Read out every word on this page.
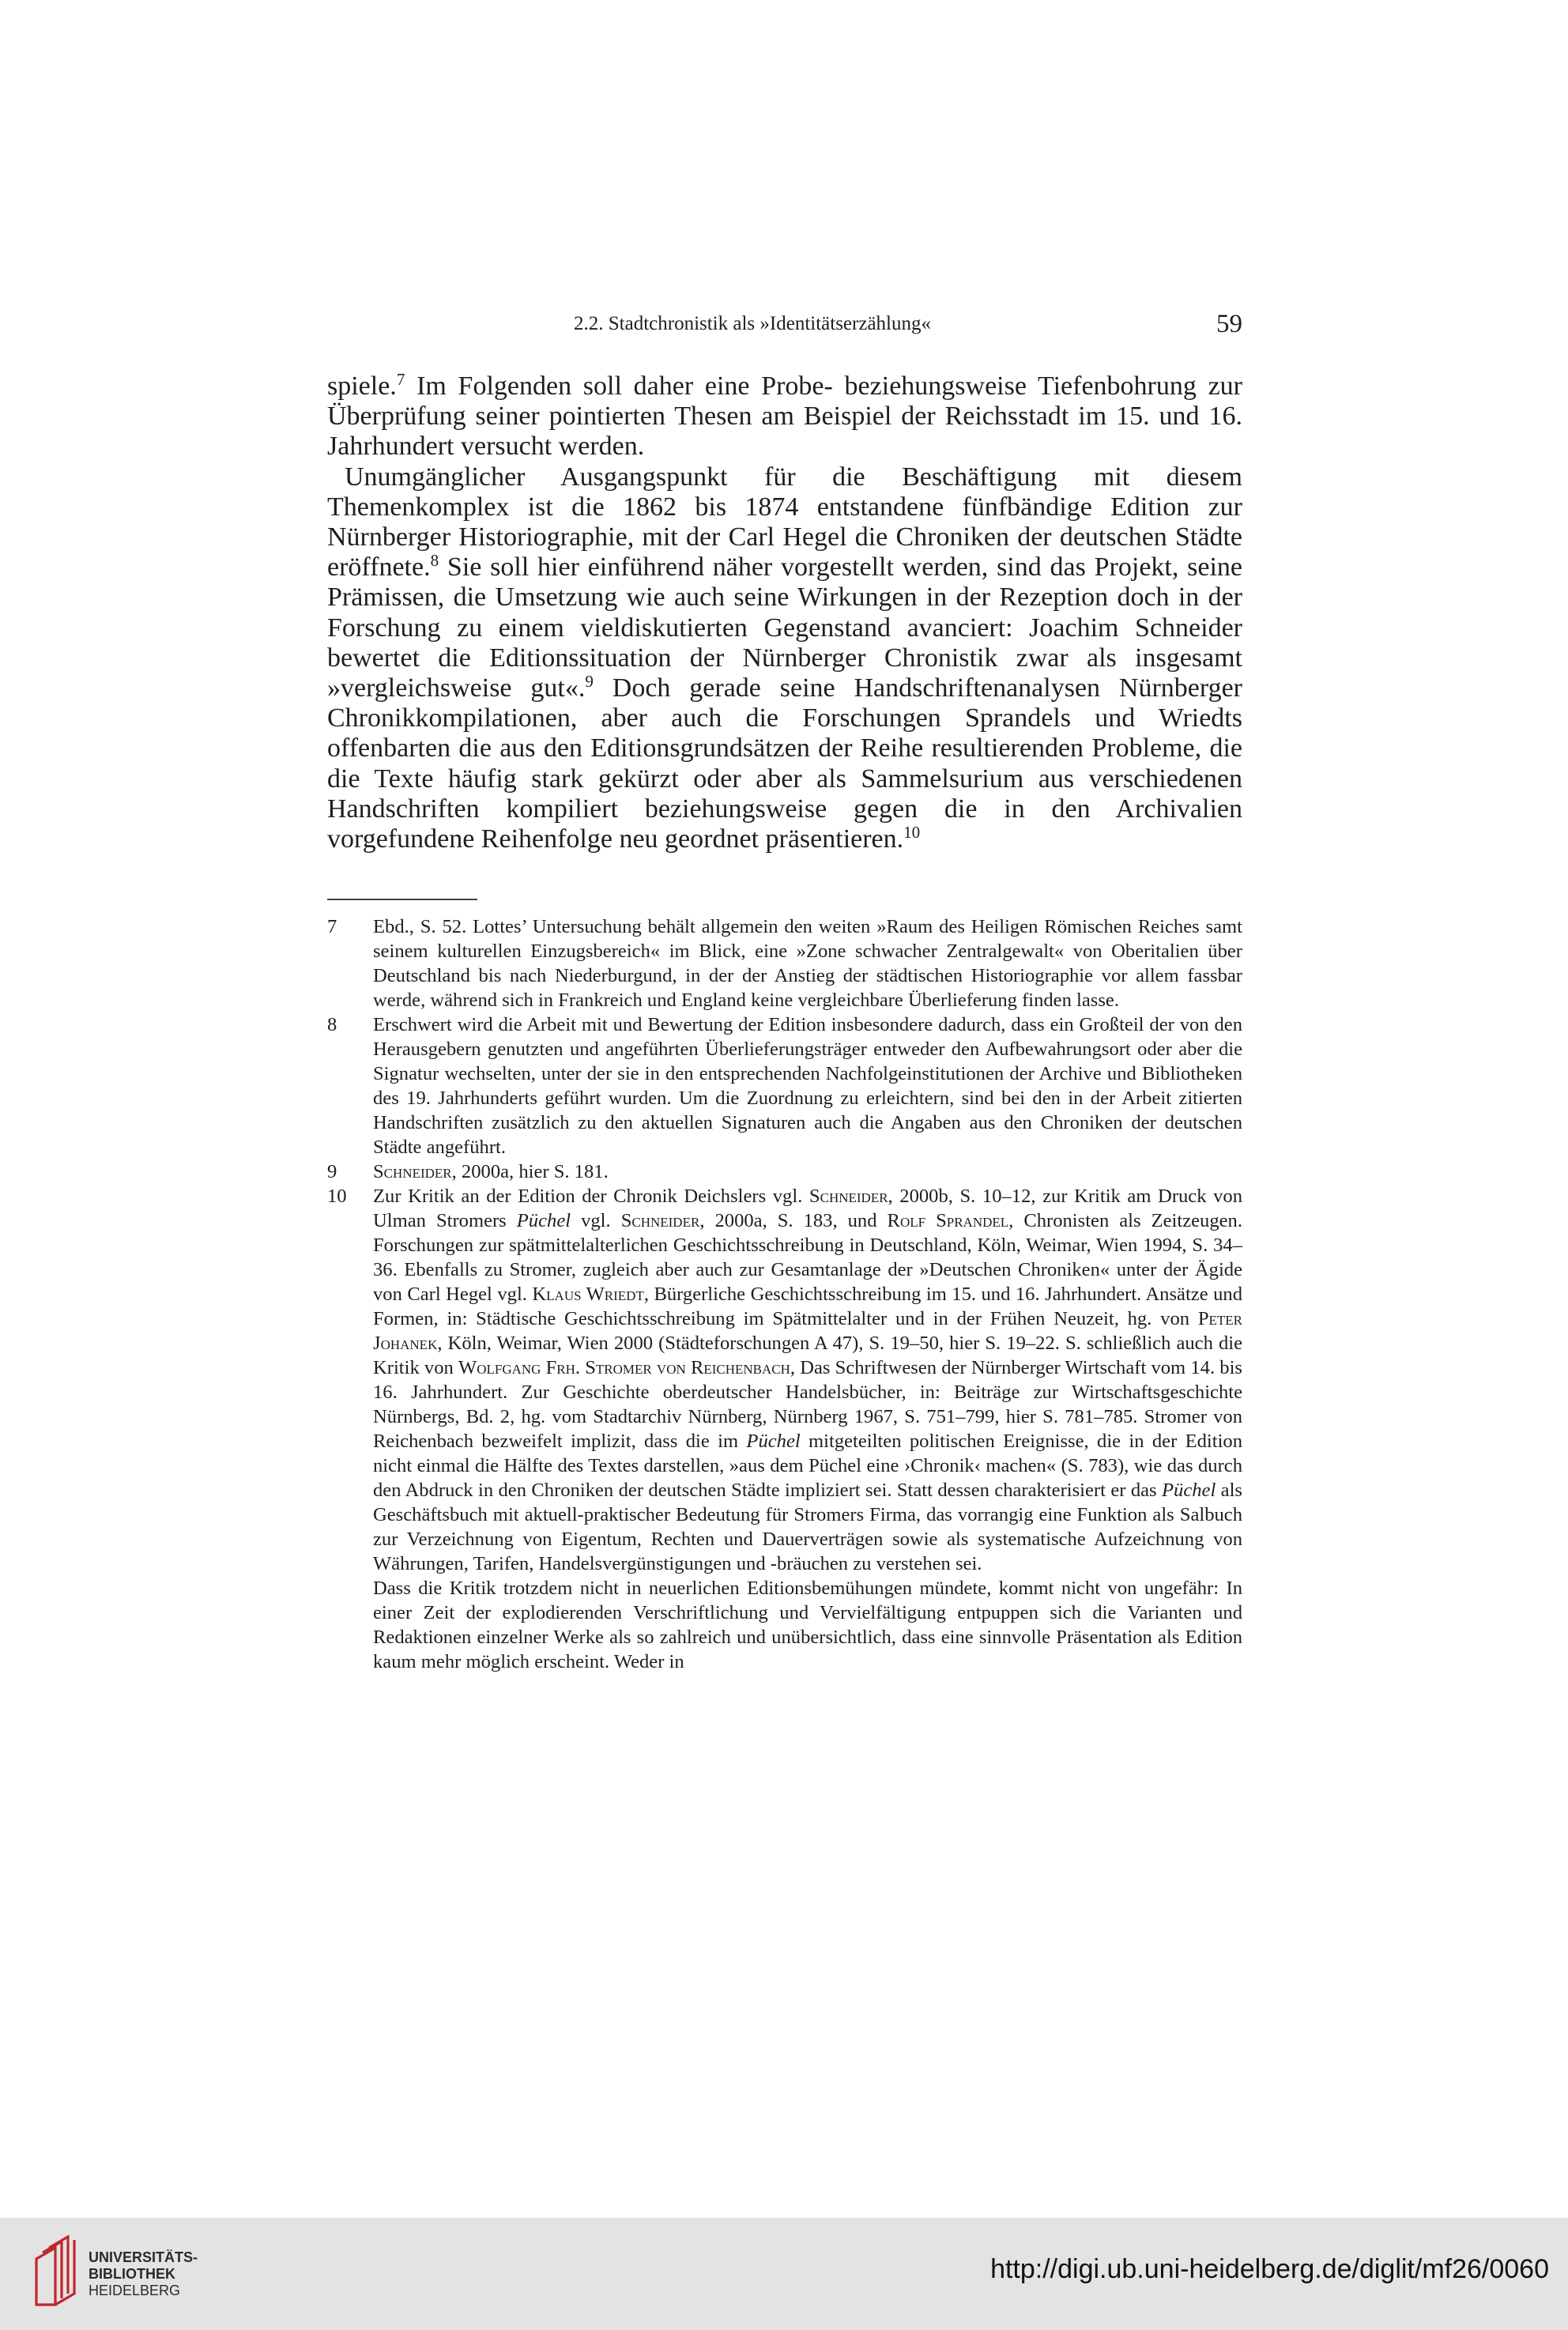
2.2. Stadtchronistik als »Identitätserzählung«	59

spiele.$^7$ Im Folgenden soll daher eine Probe- beziehungsweise Tiefenbohrung zur Überprüfung seiner pointierten Thesen am Beispiel der Reichsstadt im 15. und 16. Jahrhundert versucht werden.

Unumgänglicher Ausgangspunkt für die Beschäftigung mit diesem Themenkomplex ist die 1862 bis 1874 entstandene fünfbändige Edition zur Nürnberger Historiographie, mit der Carl Hegel die Chroniken der deutschen Städte eröffnete.$^8$ Sie soll hier einführend näher vorgestellt werden, sind das Projekt, seine Prämissen, die Umsetzung wie auch seine Wirkungen in der Rezeption doch in der Forschung zu einem vieldiskutierten Gegenstand avanciert: Joachim Schneider bewertet die Editionssituation der Nürnberger Chronistik zwar als insgesamt »vergleichsweise gut«.$^9$ Doch gerade seine Handschriftenanalysen Nürnberger Chronikkompilationen, aber auch die Forschungen Sprandels und Wriedts offenbarten die aus den Editionsgrundsätzen der Reihe resultierenden Probleme, die die Texte häufig stark gekürzt oder aber als Sammelsurium aus verschiedenen Handschriften kompiliert beziehungsweise gegen die in den Archivalien vorgefundene Reihenfolge neu geordnet präsentieren.$^{10}$

7 Ebd., S. 52. Lottes’ Untersuchung behält allgemein den weiten »Raum des Heiligen Römischen Reiches samt seinem kulturellen Einzugsbereich« im Blick, eine »Zone schwacher Zentralgewalt« von Oberitalien über Deutschland bis nach Niederburgund, in der der Anstieg der städtischen Historiographie vor allem fassbar werde, während sich in Frankreich und England keine vergleichbare Überlieferung finden lasse.
8 Erschwert wird die Arbeit mit und Bewertung der Edition insbesondere dadurch, dass ein Großteil der von den Herausgebern genutzten und angeführten Überlieferungsträger entweder den Aufbewahrungsort oder aber die Signatur wechselten, unter der sie in den entsprechenden Nachfolgeinstitutionen der Archive und Bibliotheken des 19. Jahrhunderts geführt wurden. Um die Zuordnung zu erleichtern, sind bei den in der Arbeit zitierten Handschriften zusätzlich zu den aktuellen Signaturen auch die Angaben aus den Chroniken der deutschen Städte angeführt.
9 Schneider, 2000a, hier S. 181.
10 Zur Kritik an der Edition der Chronik Deichslers vgl. Schneider, 2000b, S. 10–12, zur Kritik am Druck von Ulman Stromers Püchel vgl. Schneider, 2000a, S. 183, und Rolf Sprandel, Chronisten als Zeitzeugen. Forschungen zur spätmittelalterlichen Geschichtsschreibung in Deutschland, Köln, Weimar, Wien 1994, S. 34–36. Ebenfalls zu Stromer, zugleich aber auch zur Gesamtanlage der »Deutschen Chroniken« unter der Ägide von Carl Hegel vgl. Klaus Wriedt, Bürgerliche Geschichtsschreibung im 15. und 16. Jahrhundert. Ansätze und Formen, in: Städtische Geschichtsschreibung im Spätmittelalter und in der Frühen Neuzeit, hg. von Peter Johanek, Köln, Weimar, Wien 2000 (Städteforschungen A 47), S. 19–50, hier S. 19–22. S. schließlich auch die Kritik von Wolfgang Frh. Stromer von Reichenbach, Das Schriftwesen der Nürnberger Wirtschaft vom 14. bis 16. Jahrhundert. Zur Geschichte oberdeutscher Handelsbücher, in: Beiträge zur Wirtschaftsgeschichte Nürnbergs, Bd. 2, hg. vom Stadtarchiv Nürnberg, Nürnberg 1967, S. 751–799, hier S. 781–785. Stromer von Reichenbach bezweifelt implizit, dass die im Püchel mitgeteilten politischen Ereignisse, die in der Edition nicht einmal die Hälfte des Textes darstellen, »aus dem Püchel eine ›Chronik‹ machen« (S. 783), wie das durch den Abdruck in den Chroniken der deutschen Städte impliziert sei. Statt dessen charakterisiert er das Püchel als Geschäftsbuch mit aktuell-praktischer Bedeutung für Stromers Firma, das vorrangig eine Funktion als Salbuch zur Verzeichnung von Eigentum, Rechten und Dauerverträgen sowie als systematische Aufzeichnung von Währungen, Tarifen, Handelsvergünstigungen und -bräuchen zu verstehen sei.
Dass die Kritik trotzdem nicht in neuerlichen Editionsbemühungen mündete, kommt nicht von ungefähr: In einer Zeit der explodierenden Verschriftlichung und Vervielfältigung entpuppen sich die Varianten und Redaktionen einzelner Werke als so zahlreich und unübersichtlich, dass eine sinnvolle Präsentation als Edition kaum mehr möglich erscheint. Weder in
UNIVERSITÄTS-
BIBLIOTHEK
HEIDELBERG
http://digi.ub.uni-heidelberg.de/diglit/mf26/0060
